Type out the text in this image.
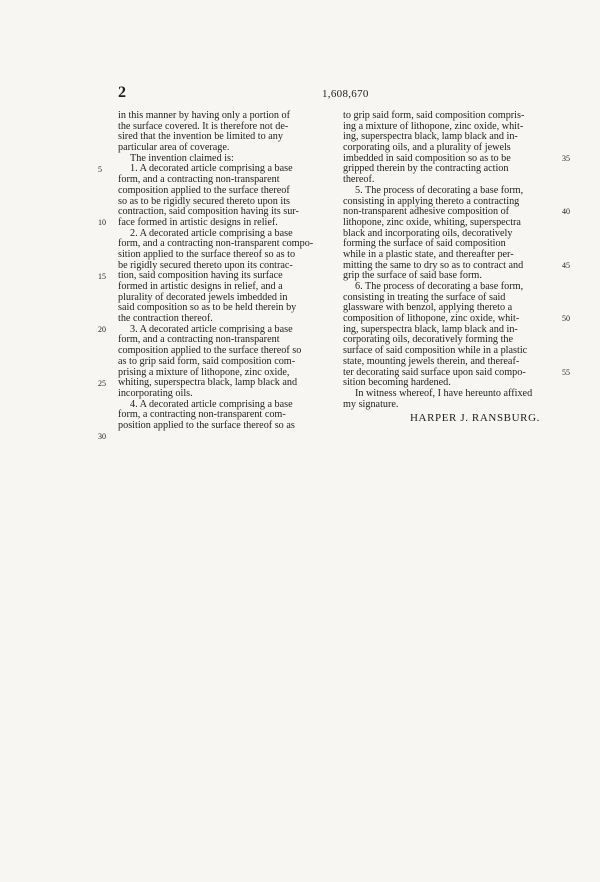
2	1,608,670
in this manner by having only a portion of
the surface covered. It is therefore not de-
sired that the invention be limited to any
particular area of coverage.
The invention claimed is:
1. A decorated article comprising a base
form, and a contracting non-transparent
composition applied to the surface thereof
so as to be rigidly secured thereto upon its
contraction, said composition having its sur-
face formed in artistic designs in relief.
2. A decorated article comprising a base
form, and a contracting non-transparent compo-
sition applied to the surface thereof so as to
be rigidly secured thereto upon its contrac-
tion, said composition having its surface
formed in artistic designs in relief, and a
plurality of decorated jewels imbedded in
said composition so as to be held therein by
the contraction thereof.
3. A decorated article comprising a base
form, and a contracting non-transparent
composition applied to the surface thereof so
as to grip said form, said composition com-
prising a mixture of lithopone, zinc oxide,
whiting, superspectra black, lamp black and
incorporating oils.
4. A decorated article comprising a base
form, a contracting non-transparent com-
position applied to the surface thereof so as
to grip said form, said composition compris-
ing a mixture of lithopone, zinc oxide, whit-
ing, superspectra black, lamp black and in-
corporating oils, and a plurality of jewels
imbedded in said composition so as to be
gripped therein by the contracting action
thereof.
5. The process of decorating a base form,
consisting in applying thereto a contracting
non-transparent adhesive composition of
lithopone, zinc oxide, whiting, superspectra
black and incorporating oils, decoratively
forming the surface of said composition
while in a plastic state, and thereafter per-
mitting the same to dry so as to contract and
grip the surface of said base form.
6. The process of decorating a base form,
consisting in treating the surface of said
glassware with benzol, applying thereto a
composition of lithopone, zinc oxide, whit-
ing, superspectra black, lamp black and in-
corporating oils, decoratively forming the
surface of said composition while in a plastic
state, mounting jewels therein, and thereaf-
ter decorating said surface upon said compo-
sition becoming hardened.
In witness whereof, I have hereunto affixed
my signature.
5
10
15
20
25
30
35
40
45
50
55
HARPER J. RANSBURG.
